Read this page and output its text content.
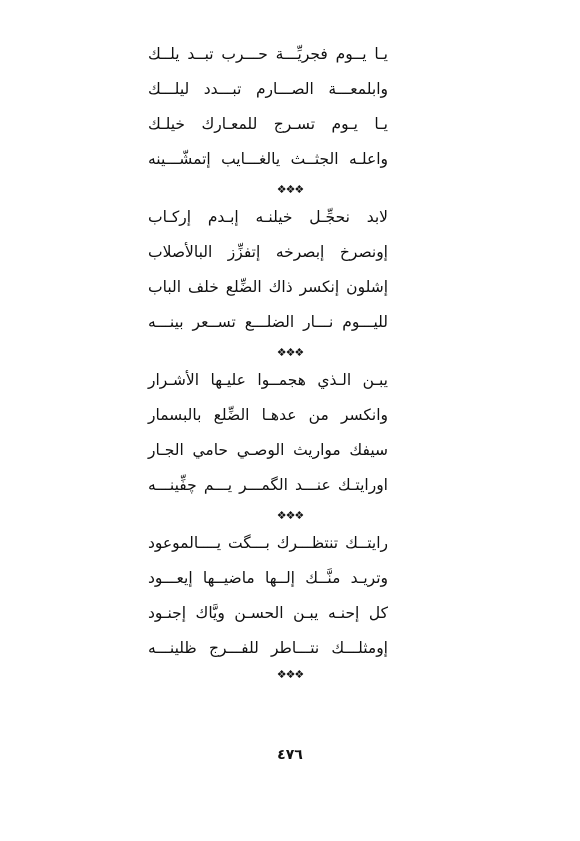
يـا يــوم فجريِّـــة حـــرب تبــد يلــك
وابلمعـــة الصـــارم تبـــدد ليلـــك
يـا يـوم تسـرج للمعـارك خيلـك
واعلـه الجثــث يالغـــايب إتمشّـــينه
❖❖❖
لابد نحجِّـل خيلنـه إبـدم إركـاب
إونصرخ إبصرخه إتفزِّز البالأصلاب
إشلون إنكسر ذاك الضِّلع خلف الباب
لليـــوم نـــار الضلـــع تســعر بينـــه
❖❖❖
يبـن الـذي هجمــوا عليـها الأشـرار
وانكسر من عدهـا الضِّلع بالبسمار
سيفك مواريث الوصـي حامي الجـار
اورايتـك عنـــد الگمـــر يـــم چفِّينـــه
❖❖❖
رايتــك تنتظـــرك بـــگت يــــالموعود
وتريـد منَّــك إلــها ماضيــها إيعـــود
كل إحنـه يبـن الحسـن ويَّاك إجنـود
إومثلـــك نتـــاطر للفـــرج ظلينـــه
❖❖❖
٤٧٦
